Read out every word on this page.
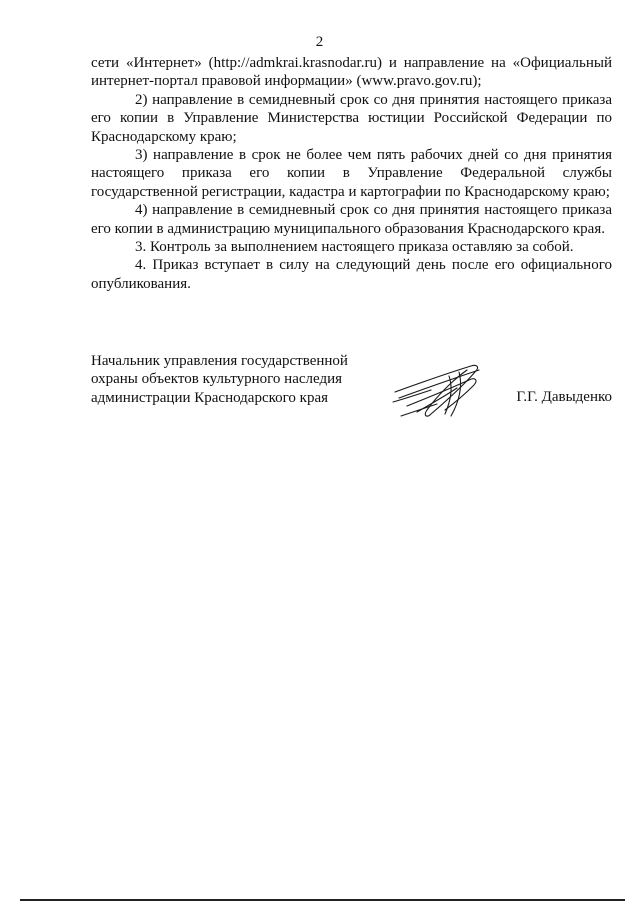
2

сети «Интернет» (http://admkrai.krasnodar.ru) и направление на «Официальный интернет-портал правовой информации» (www.pravo.gov.ru);

2) направление в семидневный срок со дня принятия настоящего приказа его копии в Управление Министерства юстиции Российской Федерации по Краснодарскому краю;

3) направление в срок не более чем пять рабочих дней со дня принятия настоящего приказа его копии в Управление Федеральной службы государственной регистрации, кадастра и картографии по Краснодарскому краю;

4) направление в семидневный срок со дня принятия настоящего приказа его копии в администрацию муниципального образования Краснодарского края.

3. Контроль за выполнением настоящего приказа оставляю за собой.

4. Приказ вступает в силу на следующий день после его официального опубликования.

Начальник управления государственной
охраны объектов культурного наследия
администрации Краснодарского края	Г.Г. Давыденко
